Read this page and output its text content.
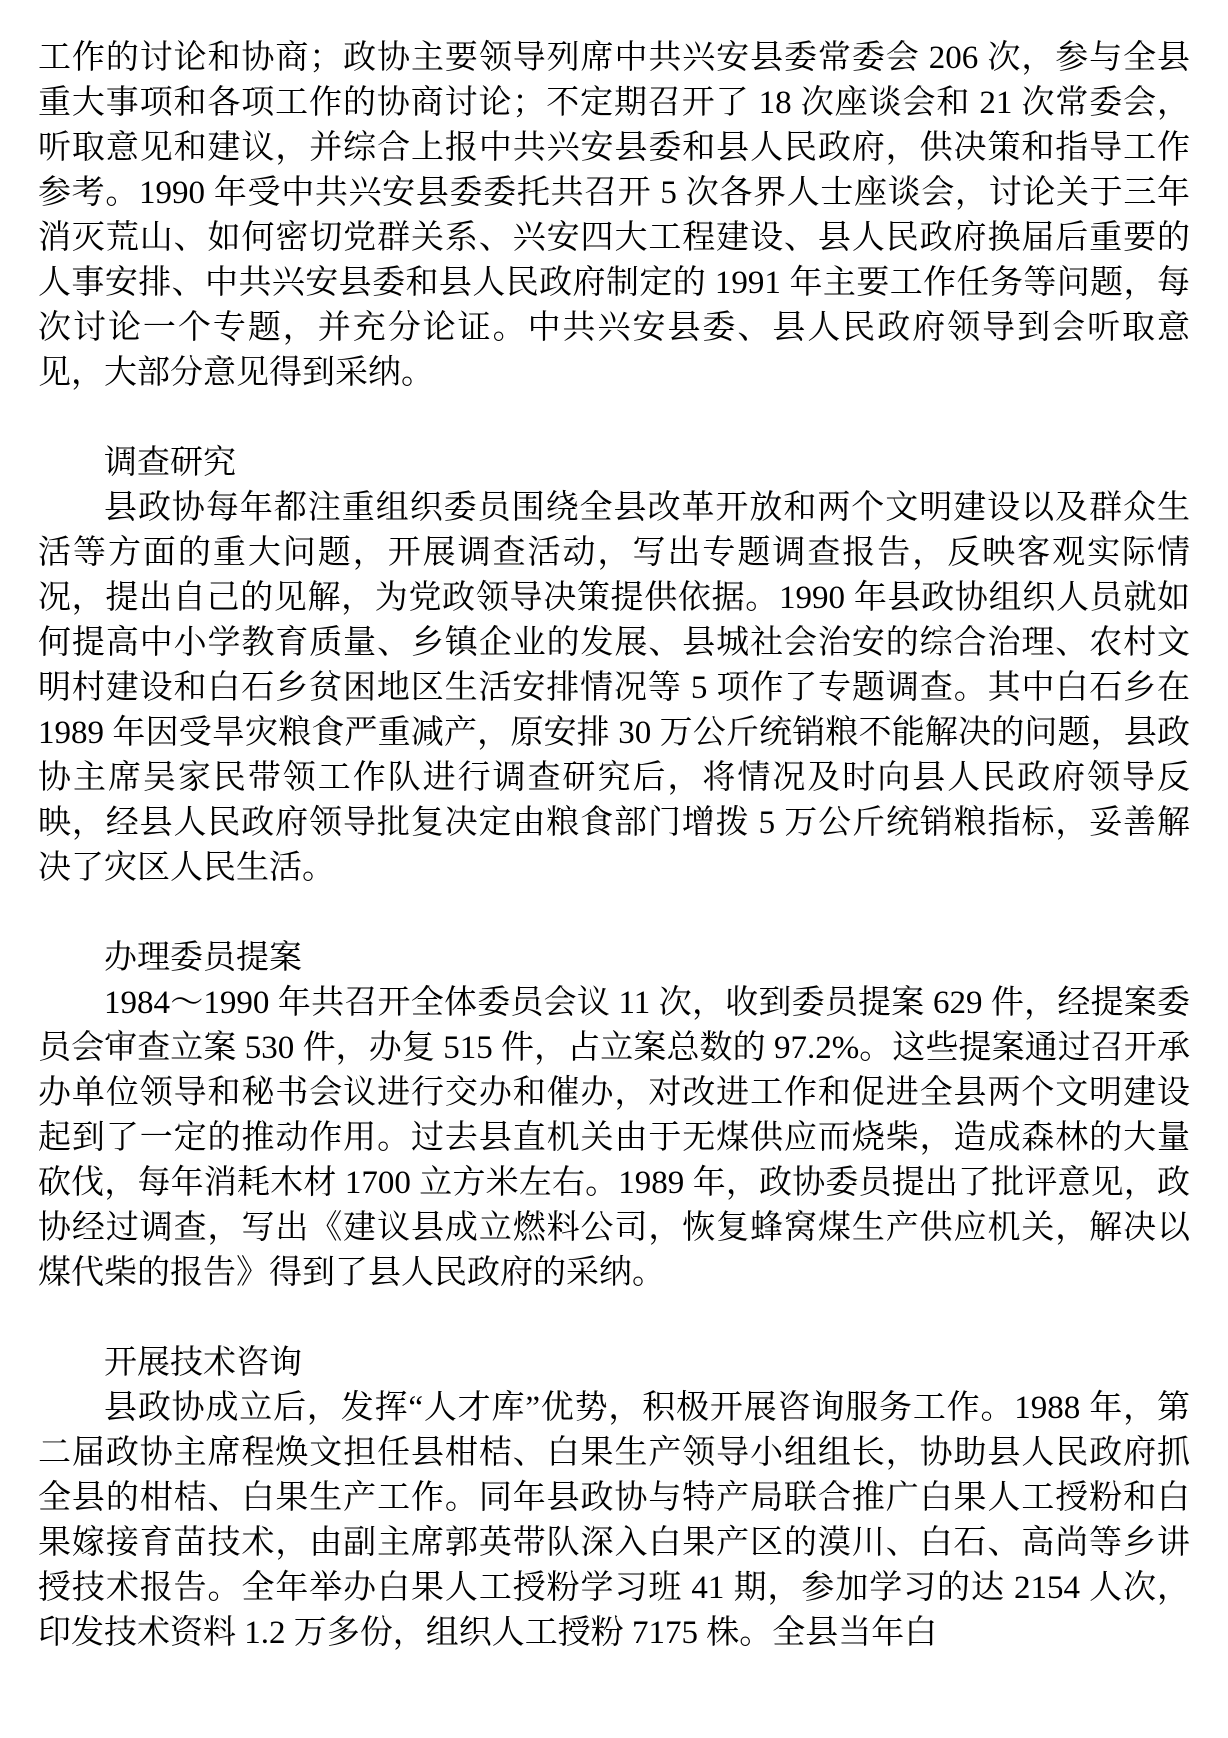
工作的讨论和协商；政协主要领导列席中共兴安县委常委会 206 次，参与全县重大事项和各项工作的协商讨论；不定期召开了 18 次座谈会和 21 次常委会，听取意见和建议，并综合上报中共兴安县委和县人民政府，供决策和指导工作参考。1990 年受中共兴安县委委托共召开 5 次各界人士座谈会，讨论关于三年消灭荒山、如何密切党群关系、兴安四大工程建设、县人民政府换届后重要的人事安排、中共兴安县委和县人民政府制定的 1991 年主要工作任务等问题，每次讨论一个专题，并充分论证。中共兴安县委、县人民政府领导到会听取意见，大部分意见得到采纳。

调查研究

县政协每年都注重组织委员围绕全县改革开放和两个文明建设以及群众生活等方面的重大问题，开展调查活动，写出专题调查报告，反映客观实际情况，提出自己的见解，为党政领导决策提供依据。1990 年县政协组织人员就如何提高中小学教育质量、乡镇企业的发展、县城社会治安的综合治理、农村文明村建设和白石乡贫困地区生活安排情况等 5 项作了专题调查。其中白石乡在 1989 年因受旱灾粮食严重减产，原安排 30 万公斤统销粮不能解决的问题，县政协主席吴家民带领工作队进行调查研究后，将情况及时向县人民政府领导反映，经县人民政府领导批复决定由粮食部门增拨 5 万公斤统销粮指标，妥善解决了灾区人民生活。

办理委员提案

1984～1990 年共召开全体委员会议 11 次，收到委员提案 629 件，经提案委员会审查立案 530 件，办复 515 件，占立案总数的 97.2%。这些提案通过召开承办单位领导和秘书会议进行交办和催办，对改进工作和促进全县两个文明建设起到了一定的推动作用。过去县直机关由于无煤供应而烧柴，造成森林的大量砍伐，每年消耗木材 1700 立方米左右。1989 年，政协委员提出了批评意见，政协经过调查，写出《建议县成立燃料公司，恢复蜂窝煤生产供应机关，解决以煤代柴的报告》得到了县人民政府的采纳。

开展技术咨询

县政协成立后，发挥“人才库”优势，积极开展咨询服务工作。1988 年，第二届政协主席程焕文担任县柑桔、白果生产领导小组组长，协助县人民政府抓全县的柑桔、白果生产工作。同年县政协与特产局联合推广白果人工授粉和白果嫁接育苗技术，由副主席郭英带队深入白果产区的漠川、白石、高尚等乡讲授技术报告。全年举办白果人工授粉学习班 41 期，参加学习的达 2154 人次，印发技术资料 1.2 万多份，组织人工授粉 7175 株。全县当年白
